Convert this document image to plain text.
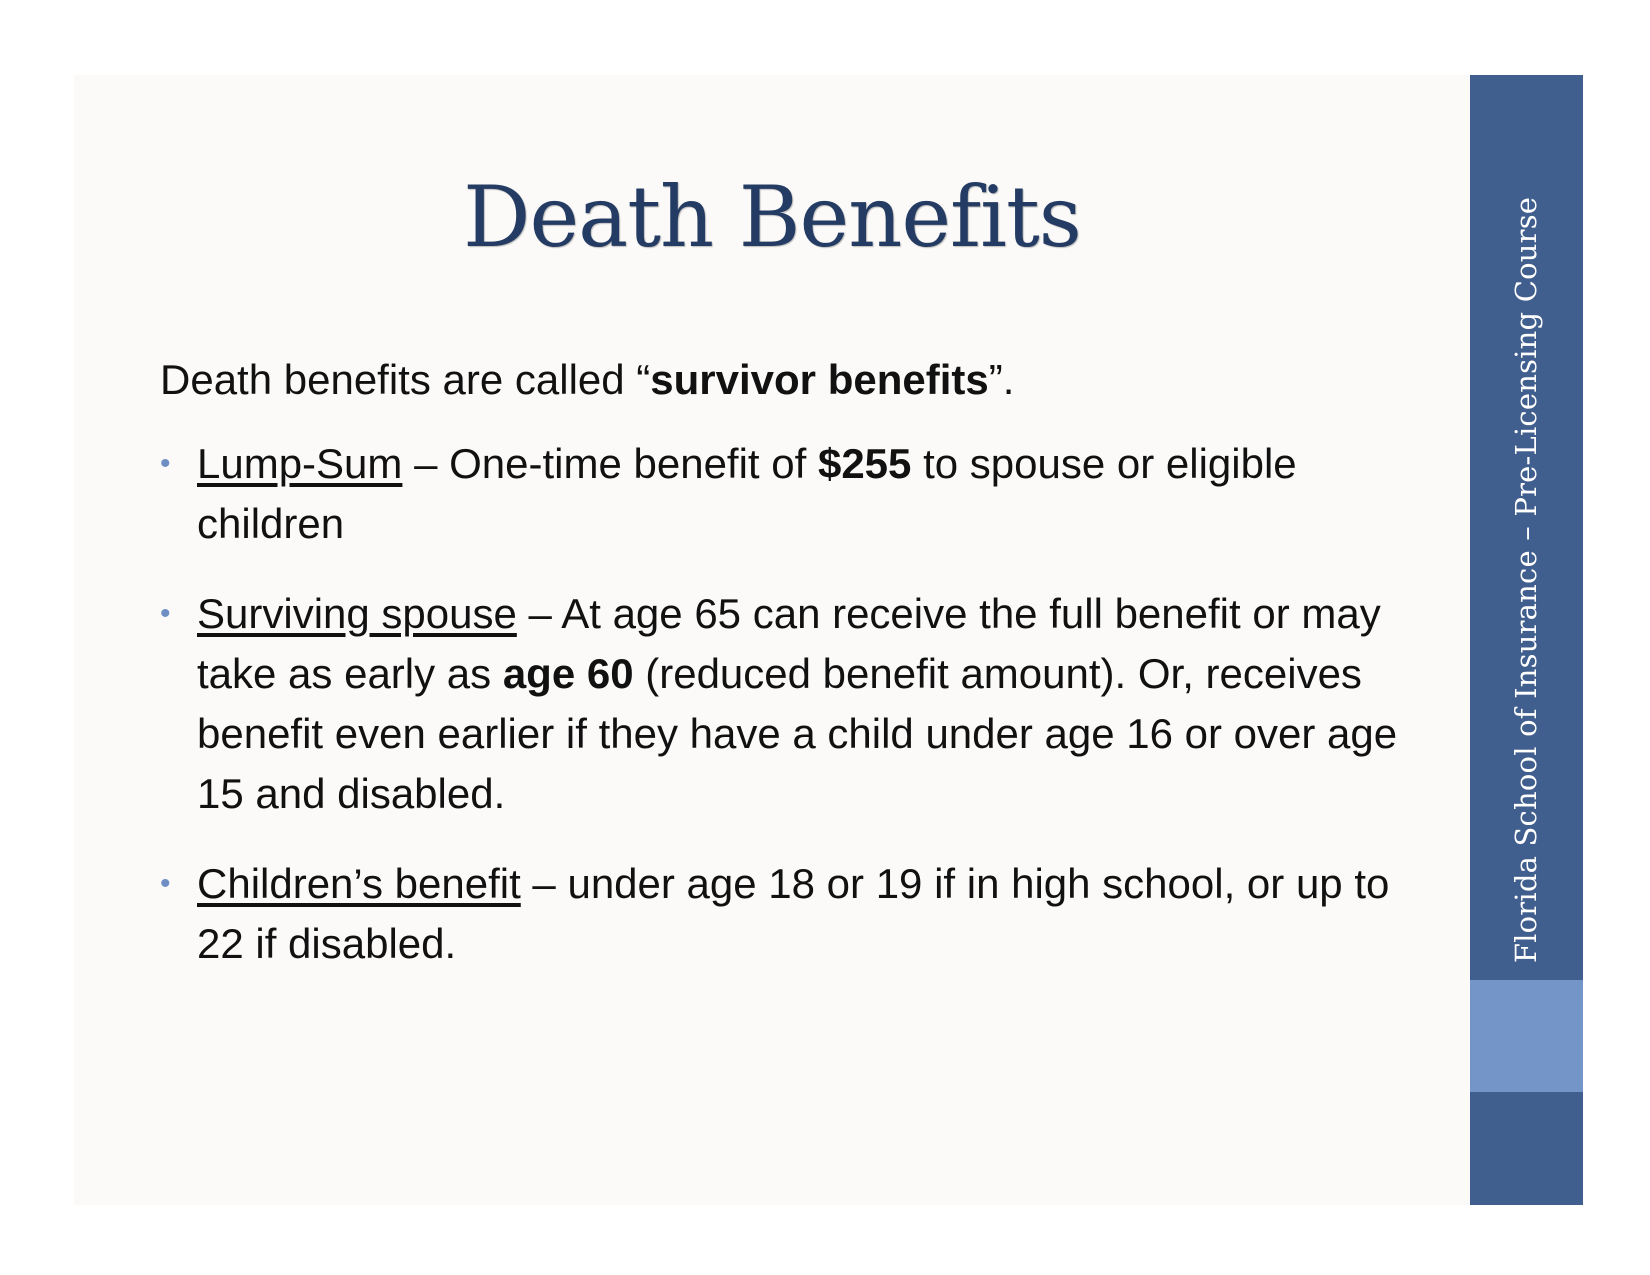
Death Benefits

Death benefits are called “survivor benefits”.

• Lump-Sum – One-time benefit of $255 to spouse or eligible children
• Surviving spouse – At age 65 can receive the full benefit or may take as early as age 60 (reduced benefit amount). Or, receives benefit even earlier if they have a child under age 16 or over age 15 and disabled.
• Children’s benefit – under age 18 or 19 if in high school, or up to 22 if disabled.	Florida School of Insurance – Pre-Licensing Course
